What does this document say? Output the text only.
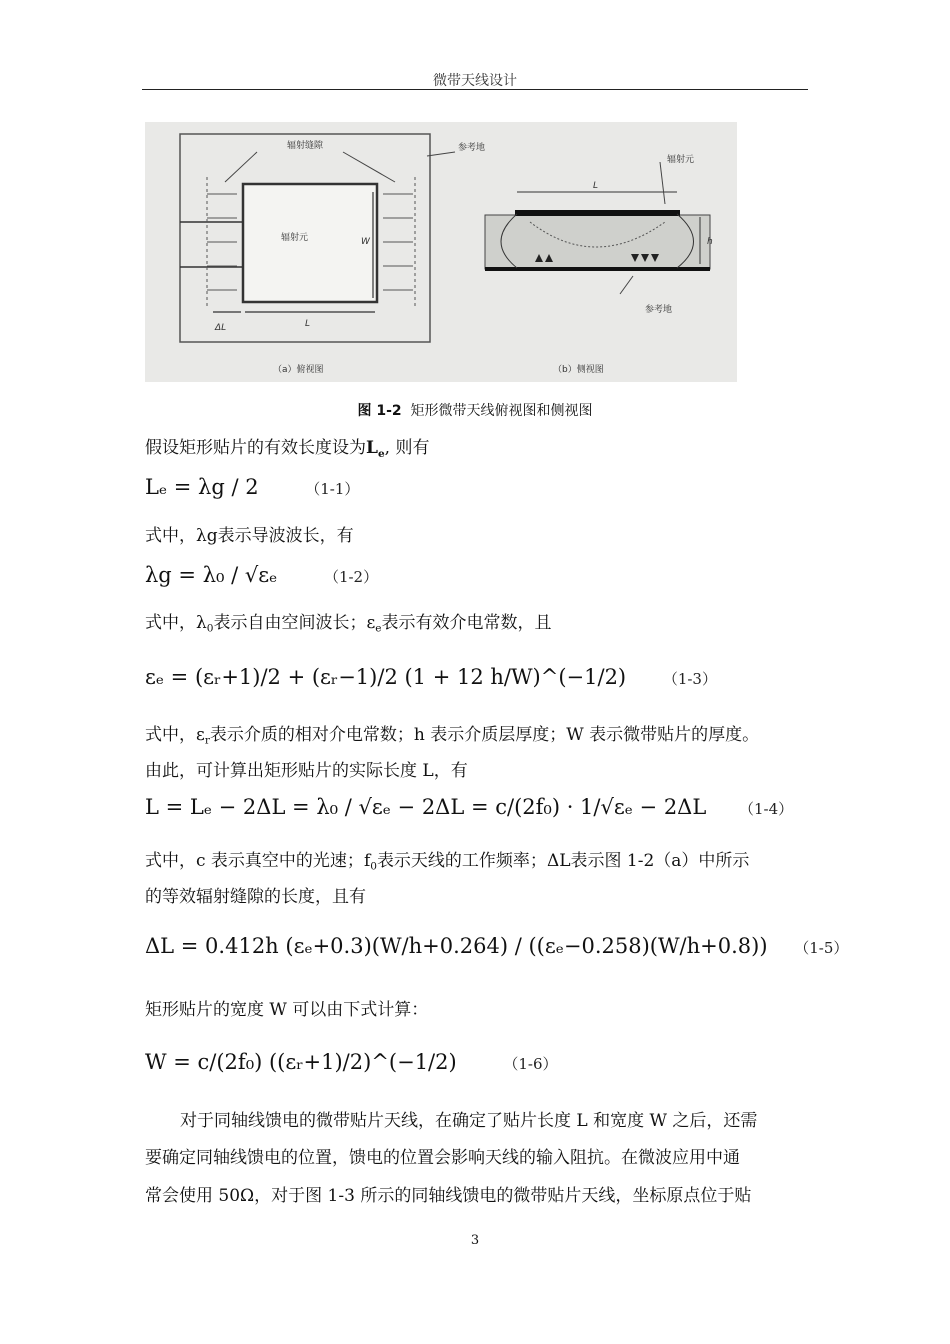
微带天线设计
辐射缝隙	参考地
辐射元	W
L
ΔL
（a）俯视图
辐射元
L
h
参考地
（b）侧视图
图 1-2 矩形微带天线俯视图和侧视图
假设矩形贴片的有效长度设为$L_e$, 则有
Lₑ = λg / 2	（1-1）
式中，λg表示导波波长，有
λg = λ₀ / √εₑ	（1-2）
式中，$\lambda_0$表示自由空间波长；$\varepsilon_e$表示有效介电常数，且
εₑ = (εᵣ+1)/2 + (εᵣ−1)/2 (1 + 12 h/W)^(−1/2) （1-3）
式中，$\varepsilon_r$表示介质的相对介电常数；h 表示介质层厚度；W 表示微带贴片的厚度。
由此，可计算出矩形贴片的实际长度 L，有
L = Lₑ − 2ΔL = λ₀ / √εₑ − 2ΔL = c/(2f₀) · 1/√εₑ − 2ΔL （1-4）
式中，c 表示真空中的光速；$f_0$表示天线的工作频率；ΔL表示图 1-2（a）中所示
的等效辐射缝隙的长度，且有
ΔL = 0.412h (εₑ+0.3)(W/h+0.264) / ((εₑ−0.258)(W/h+0.8)) （1-5）
矩形贴片的宽度 W 可以由下式计算：
W = c/(2f₀) ((εᵣ+1)/2)^(−1/2)	（1-6）
对于同轴线馈电的微带贴片天线，在确定了贴片长度 L 和宽度 W 之后，还需
要确定同轴线馈电的位置，馈电的位置会影响天线的输入阻抗。在微波应用中通
常会使用 50Ω，对于图 1-3 所示的同轴线馈电的微带贴片天线，坐标原点位于贴
3
